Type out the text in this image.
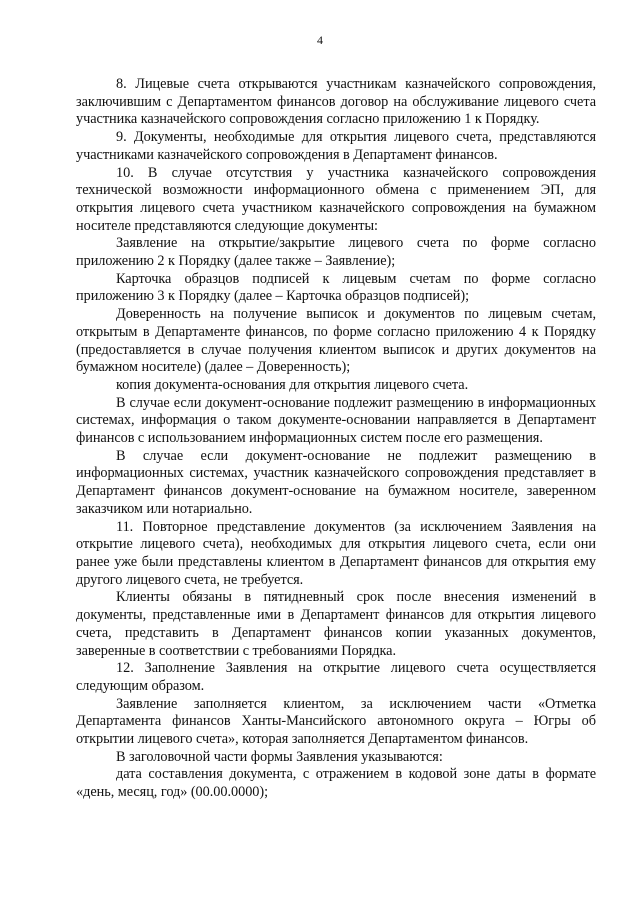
4

8. Лицевые счета открываются участникам казначейского сопровождения, заключившим с Департаментом финансов договор на обслуживание лицевого счета участника казначейского сопровождения согласно приложению 1 к Порядку.

9. Документы, необходимые для открытия лицевого счета, представляются участниками казначейского сопровождения в Департамент финансов.

10. В случае отсутствия у участника казначейского сопровождения технической возможности информационного обмена с применением ЭП, для открытия лицевого счета участником казначейского сопровождения на бумажном носителе представляются следующие документы:

Заявление на открытие/закрытие лицевого счета по форме согласно приложению 2 к Порядку (далее также – Заявление);

Карточка образцов подписей к лицевым счетам по форме согласно приложению 3 к Порядку (далее – Карточка образцов подписей);

Доверенность на получение выписок и документов по лицевым счетам, открытым в Департаменте финансов, по форме согласно приложению 4 к Порядку (предоставляется в случае получения клиентом выписок и других документов на бумажном носителе) (далее – Доверенность);

копия документа-основания для открытия лицевого счета.

В случае если документ-основание подлежит размещению в информационных системах, информация о таком документе-основании направляется в Департамент финансов с использованием информационных систем после его размещения.

В случае если документ-основание не подлежит размещению в информационных системах, участник казначейского сопровождения представляет в Департамент финансов документ-основание на бумажном носителе, заверенном заказчиком или нотариально.

11. Повторное представление документов (за исключением Заявления на открытие лицевого счета), необходимых для открытия лицевого счета, если они ранее уже были представлены клиентом в Департамент финансов для открытия ему другого лицевого счета, не требуется.

Клиенты обязаны в пятидневный срок после внесения изменений в документы, представленные ими в Департамент финансов для открытия лицевого счета, представить в Департамент финансов копии указанных документов, заверенные в соответствии с требованиями Порядка.

12. Заполнение Заявления на открытие лицевого счета осуществляется следующим образом.

Заявление заполняется клиентом, за исключением части «Отметка Департамента финансов Ханты-Мансийского автономного округа – Югры об открытии лицевого счета», которая заполняется Департаментом финансов.

В заголовочной части формы Заявления указываются:

дата составления документа, с отражением в кодовой зоне даты в формате «день, месяц, год» (00.00.0000);
